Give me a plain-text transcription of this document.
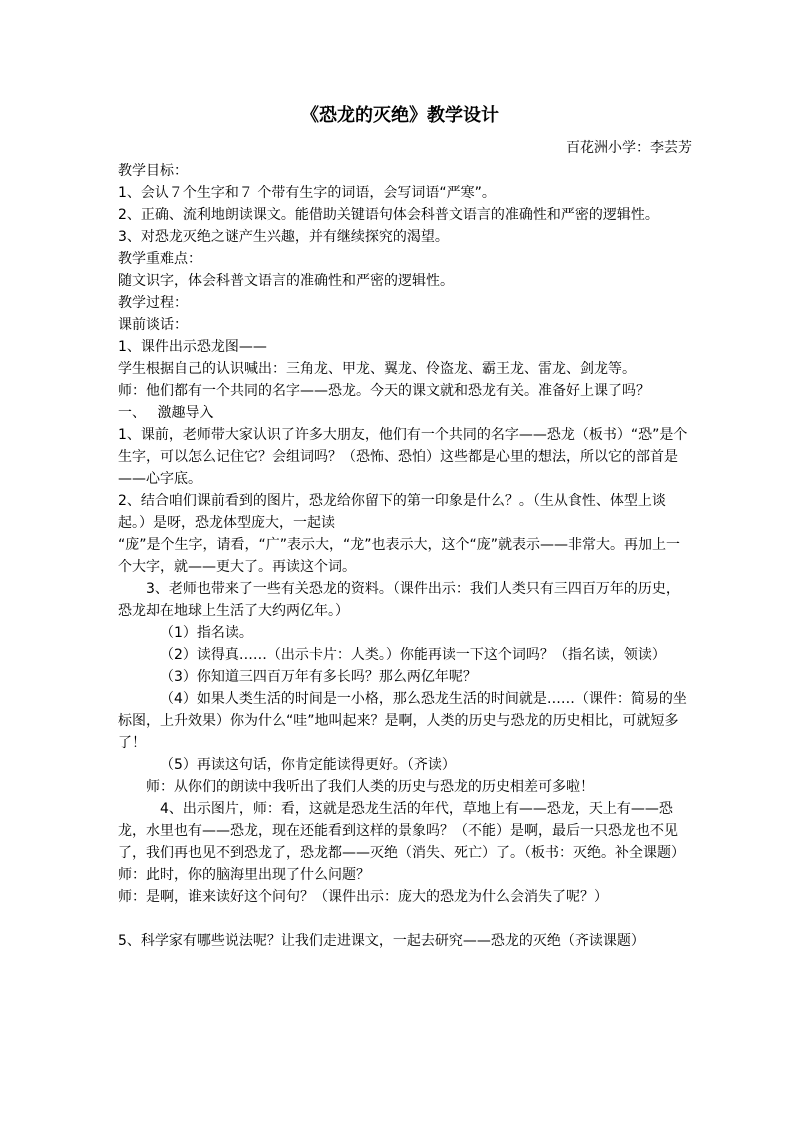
《恐龙的灭绝》教学设计
百花洲小学：李芸芳

教学目标：

1、会认７个生字和７ 个带有生字的词语，会写词语“严寒”。

2、正确、流利地朗读课文。能借助关键语句体会科普文语言的准确性和严密的逻辑性。

3、对恐龙灭绝之谜产生兴趣，并有继续探究的渴望。

教学重难点：

随文识字，体会科普文语言的准确性和严密的逻辑性。

教学过程：

课前谈话：

1、课件出示恐龙图——

学生根据自己的认识喊出：三角龙、甲龙、翼龙、伶盗龙、霸王龙、雷龙、剑龙等。

师：他们都有一个共同的名字——恐龙。今天的课文就和恐龙有关。准备好上课了吗？

一、　 激趣导入

1、课前，老师带大家认识了许多大朋友，他们有一个共同的名字——恐龙（板书）“恐”是个生字，可以怎么记住它？会组词吗？（恐怖、恐怕）这些都是心里的想法，所以它的部首是——心字底。

2、结合咱们课前看到的图片，恐龙给你留下的第一印象是什么？。（生从食性、体型上谈起。）是呀，恐龙体型庞大，一起读

“庞”是个生字，请看，“广”表示大，“龙”也表示大，这个“庞”就表示——非常大。再加上一个大字，就——更大了。再读这个词。

3、老师也带来了一些有关恐龙的资料。（课件出示：我们人类只有三四百万年的历史，恐龙却在地球上生活了大约两亿年。）

（1）指名读。

（2）读得真……（出示卡片：人类。）你能再读一下这个词吗？（指名读，领读）

（3）你知道三四百万年有多长吗？那么两亿年呢？

（4）如果人类生活的时间是一小格，那么恐龙生活的时间就是……（课件：简易的坐标图，上升效果）你为什么“哇”地叫起来？是啊，人类的历史与恐龙的历史相比，可就短多了！

（5）再读这句话，你肯定能读得更好。（齐读）

师：从你们的朗读中我听出了我们人类的历史与恐龙的历史相差可多啦！

4、出示图片，师：看，这就是恐龙生活的年代，草地上有——恐龙，天上有——恐龙，水里也有——恐龙，现在还能看到这样的景象吗？（不能）是啊，最后一只恐龙也不见了，我们再也见不到恐龙了，恐龙都——灭绝（消失、死亡）了。（板书：灭绝。补全课题） 师：此时，你的脑海里出现了什么问题？

师：是啊，谁来读好这个问句？（课件出示：庞大的恐龙为什么会消失了呢？）

5、科学家有哪些说法呢？让我们走进课文，一起去研究——恐龙的灭绝（齐读课题）
